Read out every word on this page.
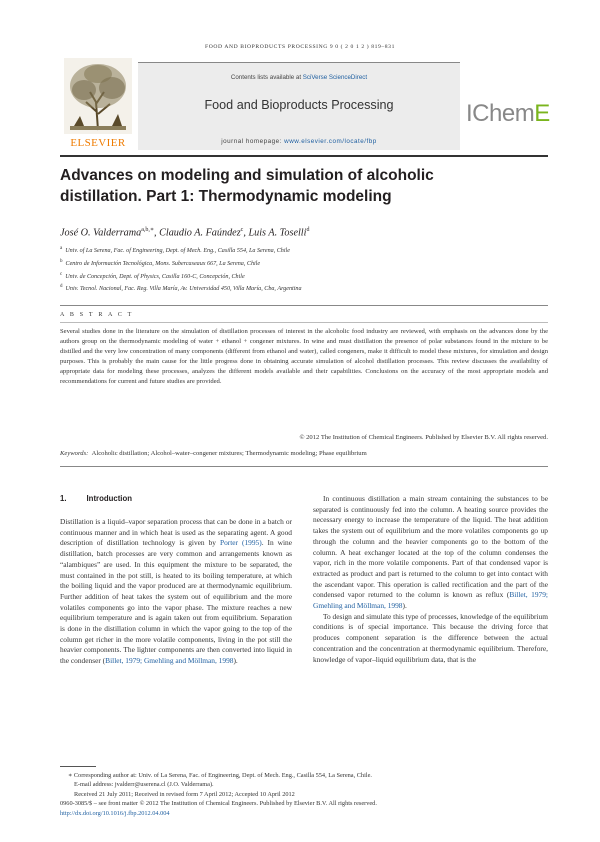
FOOD AND BIOPRODUCTS PROCESSING 9 0 ( 2 0 1 2 ) 819–831
ELSEVIER
Contents lists available at SciVerse ScienceDirect
Food and Bioproducts Processing
journal homepage: www.elsevier.com/locate/fbp
IChemE
Advances on modeling and simulation of alcoholic
distillation. Part 1: Thermodynamic modeling
José O. Valderrama$^{a,b,∗}$, Claudio A. Faúndez$^c$, Luis A. Toselli$^d$
$^a$ Univ. of La Serena, Fac. of Engineering, Dept. of Mech. Eng., Casilla 554, La Serena, Chile
$^b$ Centro de Información Tecnológica, Mons. Subercaseaux 667, La Serena, Chile
$^c$ Univ. de Concepción, Dept. of Physics, Casilla 160-C, Concepción, Chile
$^d$ Univ. Tecnol. Nacional, Fac. Reg. Villa María, Av. Universidad 450, Villa María, Cba, Argentina
A B S T R A C T
Several studies done in the literature on the simulation of distillation processes of interest in the alcoholic food industry are reviewed, with emphasis on the advances done by the authors group on the thermodynamic modeling of water + ethanol + congener mixtures. In wine and must distillation the presence of polar substances found in the mixture to be distilled and the very low concentration of many components (different from ethanol and water), called congeners, make it difficult to model these mixtures, for simulation and design purposes. This is probably the main cause for the little progress done in obtaining accurate simulation of alcohol distillation processes. This review discusses the availability of appropriate data for modeling these processes, analyzes the different models available and their capabilities. Conclusions on the accuracy of the most appropriate models and recommendations for current and future studies are provided.
© 2012 The Institution of Chemical Engineers. Published by Elsevier B.V. All rights reserved.
Keywords: Alcoholic distillation; Alcohol–water–congener mixtures; Thermodynamic modeling; Phase equilibrium
1.	Introduction

Distillation is a liquid–vapor separation process that can be done in a batch or continuous manner and in which heat is used as the separating agent. A good description of distillation technology is given by Porter (1995). In wine distillation, batch processes are very common and arrangements known as “alambiques” are used. In this equipment the mixture to be separated, the must contained in the pot still, is heated to its boiling temperature, at which the boiling liquid and the vapor produced are at thermodynamic equilibrium. Further addition of heat takes the system out of equilibrium and the more volatiles components go into the vapor phase. The mixture reaches a new equilibrium temperature and is again taken out from equilibrium. Separation is done in the distillation column in which the vapor going to the top of the column get richer in the more volatile components, living in the pot still the heavier components. The lighter components are then converted into liquid in the condenser (Billet, 1979; Gmehling and Möllman, 1998).

In continuous distillation a main stream containing the substances to be separated is continuously fed into the column. A heating source provides the necessary energy to increase the temperature of the liquid. The heat addition takes the system out of equilibrium and the more volatiles components go up through the column and the heavier components go to the bottom of the column. A heat exchanger located at the top of the column condenses the vapor, rich in the more volatile components. Part of that condensed vapor is extracted as product and part is returned to the column to get into contact with the ascendant vapor. This operation is called rectification and the part of the condensed vapor returned to the column is known as reflux (Billet, 1979; Gmehling and Möllman, 1998).

To design and simulate this type of processes, knowledge of the equilibrium conditions is of special importance. This because the driving force that produces component separation is the difference between the actual concentration and the concentration at thermodynamic equilibrium. Therefore, knowledge of vapor–liquid equilibrium data, that is the

∗ Corresponding author at: Univ. of La Serena, Fac. of Engineering, Dept. of Mech. Eng., Casilla 554, La Serena, Chile.
E-mail address: jvalderr@userena.cl (J.O. Valderrama).
Received 21 July 2011; Received in revised form 7 April 2012; Accepted 10 April 2012
0960-3085/$ – see front matter © 2012 The Institution of Chemical Engineers. Published by Elsevier B.V. All rights reserved.
http://dx.doi.org/10.1016/j.fbp.2012.04.004
